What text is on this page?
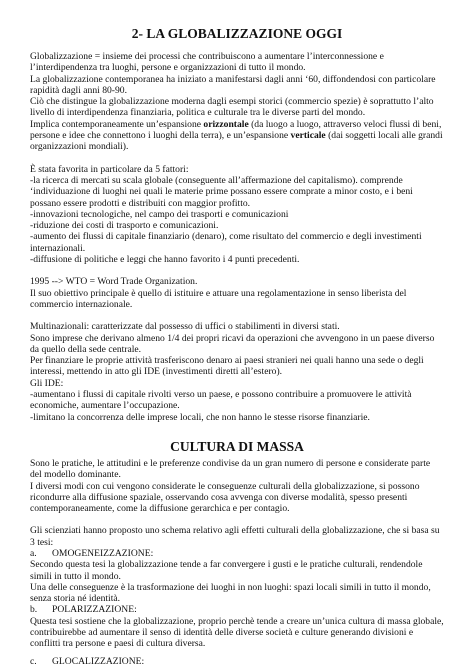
2- LA GLOBALIZZAZIONE OGGI

Globalizzazione = insieme dei processi che contribuiscono a aumentare l’interconnessione e l’interdipendenza tra luoghi, persone e organizzazioni di tutto il mondo.

La globalizzazione contemporanea ha iniziato a manifestarsi dagli anni ‘60, diffondendosi con particolare rapidità dagli anni 80-90.

Ciò che distingue la globalizzazione moderna dagli esempi storici (commercio spezie) è soprattutto l’alto livello di interdipendenza finanziaria, politica e culturale tra le diverse parti del mondo.

Implica contemporaneamente un’espansione orizzontale (da luogo a luogo, attraverso veloci flussi di beni, persone e idee che connettono i luoghi della terra), e un’espansione verticale (dai soggetti locali alle grandi organizzazioni mondiali).

È stata favorita in particolare da 5 fattori:

-la ricerca di mercati su scala globale (conseguente all’affermazione del capitalismo). comprende ‘individuazione di luoghi nei quali le materie prime possano essere comprate a minor costo, e i beni possano essere prodotti e distribuiti con maggior profitto.

-innovazioni tecnologiche, nel campo dei trasporti e comunicazioni

-riduzione dei costi di trasporto e comunicazioni.

-aumento dei flussi di capitale finanziario (denaro), come risultato del commercio e degli investimenti internazionali.

-diffusione di politiche e leggi che hanno favorito i 4 punti precedenti.

1995 --> WTO = Word Trade Organization.

Il suo obiettivo principale è quello di istituire e attuare una regolamentazione in senso liberista del commercio internazionale.

Multinazionali: caratterizzate dal possesso di uffici o stabilimenti in diversi stati.

Sono imprese che derivano almeno 1/4 dei propri ricavi da operazioni che avvengono in un paese diverso da quello della sede centrale.

Per finanziare le proprie attività trasferiscono denaro ai paesi stranieri nei quali hanno una sede o degli interessi, mettendo in atto gli IDE (investimenti diretti all’estero).

Gli IDE:

-aumentano i flussi di capitale rivolti verso un paese, e possono contribuire a promuovere le attività economiche, aumentare l’occupazione.

-limitano la concorrenza delle imprese locali, che non hanno le stesse risorse finanziarie.

CULTURA DI MASSA

Sono le pratiche, le attitudini e le preferenze condivise da un gran numero di persone e considerate parte del modello dominante.

I diversi modi con cui vengono considerate le conseguenze culturali della globalizzazione, si possono ricondurre alla diffusione spaziale, osservando cosa avvenga con diverse modalità, spesso presenti contemporaneamente, come la diffusione gerarchica e per contagio.

Gli scienziati hanno proposto uno schema relativo agli effetti culturali della globalizzazione, che si basa su 3 tesi:

a. OMOGENEIZZAZIONE:

Secondo questa tesi la globalizzazione tende a far convergere i gusti e le pratiche culturali, rendendole simili in tutto il mondo.

Una delle conseguenze è la trasformazione dei luoghi in non luoghi: spazi locali simili in tutto il mondo, senza storia né identità.

b. POLARIZZAZIONE:

Questa tesi sostiene che la globalizzazione, proprio perchè tende a creare un’unica cultura di massa globale, contribuirebbe ad aumentare il senso di identità delle diverse società e culture generando divisioni e conflitti tra persone e paesi di cultura diversa.

c. GLOCALIZZAZIONE:
